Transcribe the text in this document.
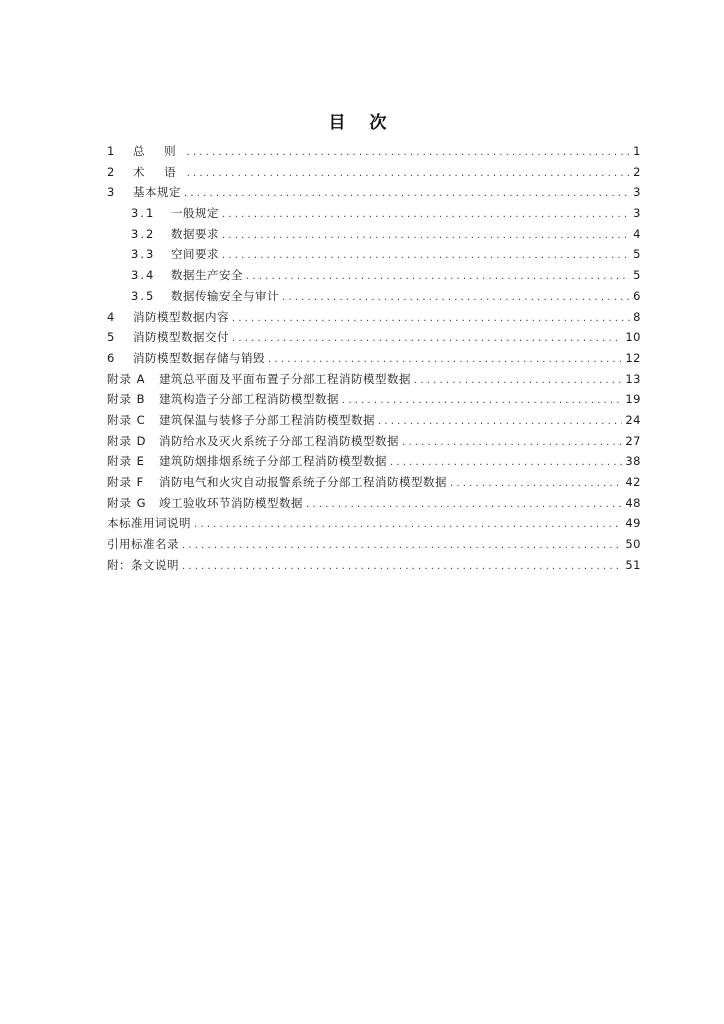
目 次
1	总 则 .....	1
2	术 语 .....	2
3	基本规定 .....	3
3.1	一般规定 .....	3
3.2	数据要求 .....	4
3.3	空间要求 .....	5
3.4	数据生产安全 .....	5
3.5	数据传输安全与审计 .....	6
4	消防模型数据内容 .....	8
5	消防模型数据交付 .....	10
6	消防模型数据存储与销毁 .....	12
附录 A	建筑总平面及平面布置子分部工程消防模型数据 .....	13
附录 B	建筑构造子分部工程消防模型数据 .....	19
附录 C	建筑保温与装修子分部工程消防模型数据 .....	24
附录 D	消防给水及灭火系统子分部工程消防模型数据 .....	27
附录 E	建筑防烟排烟系统子分部工程消防模型数据 .....	38
附录 F	消防电气和火灾自动报警系统子分部工程消防模型数据 .....	42
附录 G	竣工验收环节消防模型数据 .....	48
本标准用词说明 .....	49
引用标准名录 .....	50
附：条文说明 .....	51
